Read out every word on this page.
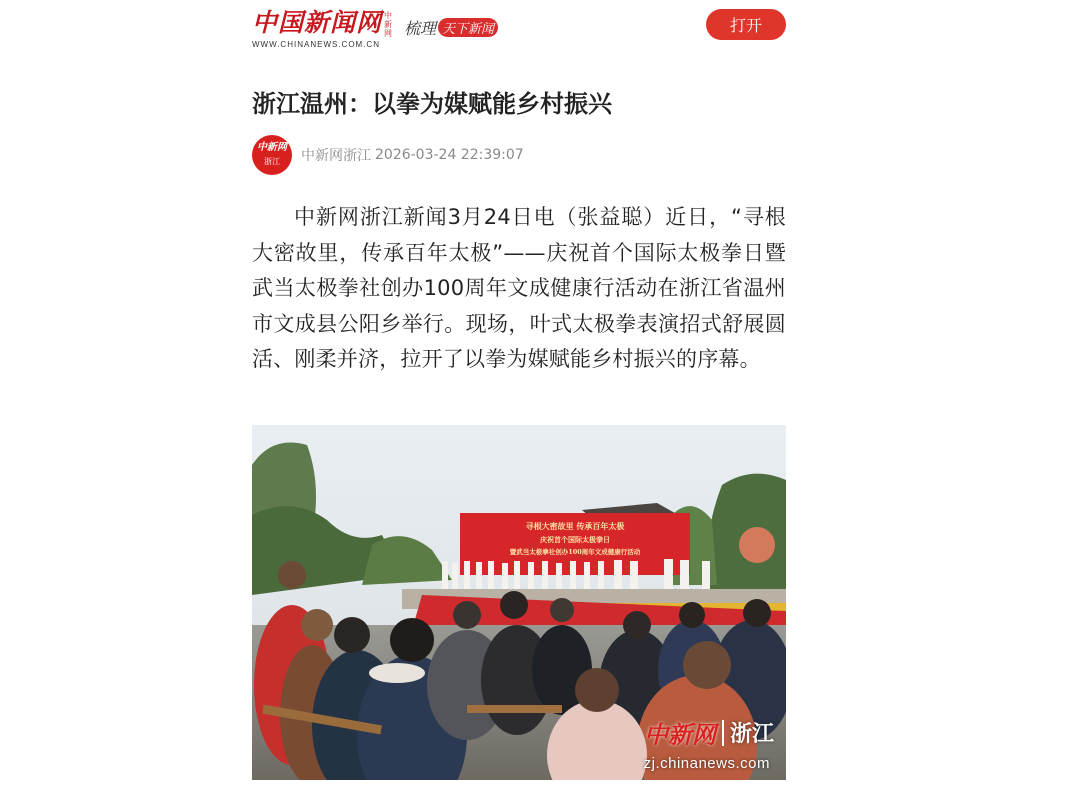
中国新闻网 中新网
WWW.CHINANEWS.COM.CN
梳理 天下新闻	打开
浙江温州：以拳为媒赋能乡村振兴
中新网
浙江 中新网浙江 2026-03-24 22:39:07

中新网浙江新闻3月24日电（张益聪）近日，“寻根大密故里，传承百年太极”——庆祝首个国际太极拳日暨武当太极拳社创办100周年文成健康行活动在浙江省温州市文成县公阳乡举行。现场，叶式太极拳表演招式舒展圆活、刚柔并济，拉开了以拳为媒赋能乡村振兴的序幕。

寻根大密故里 传承百年太极
庆祝首个国际太极拳日
暨武当太极拳社创办100周年文成健康行活动
中新网 浙江
zj.chinanews.com
